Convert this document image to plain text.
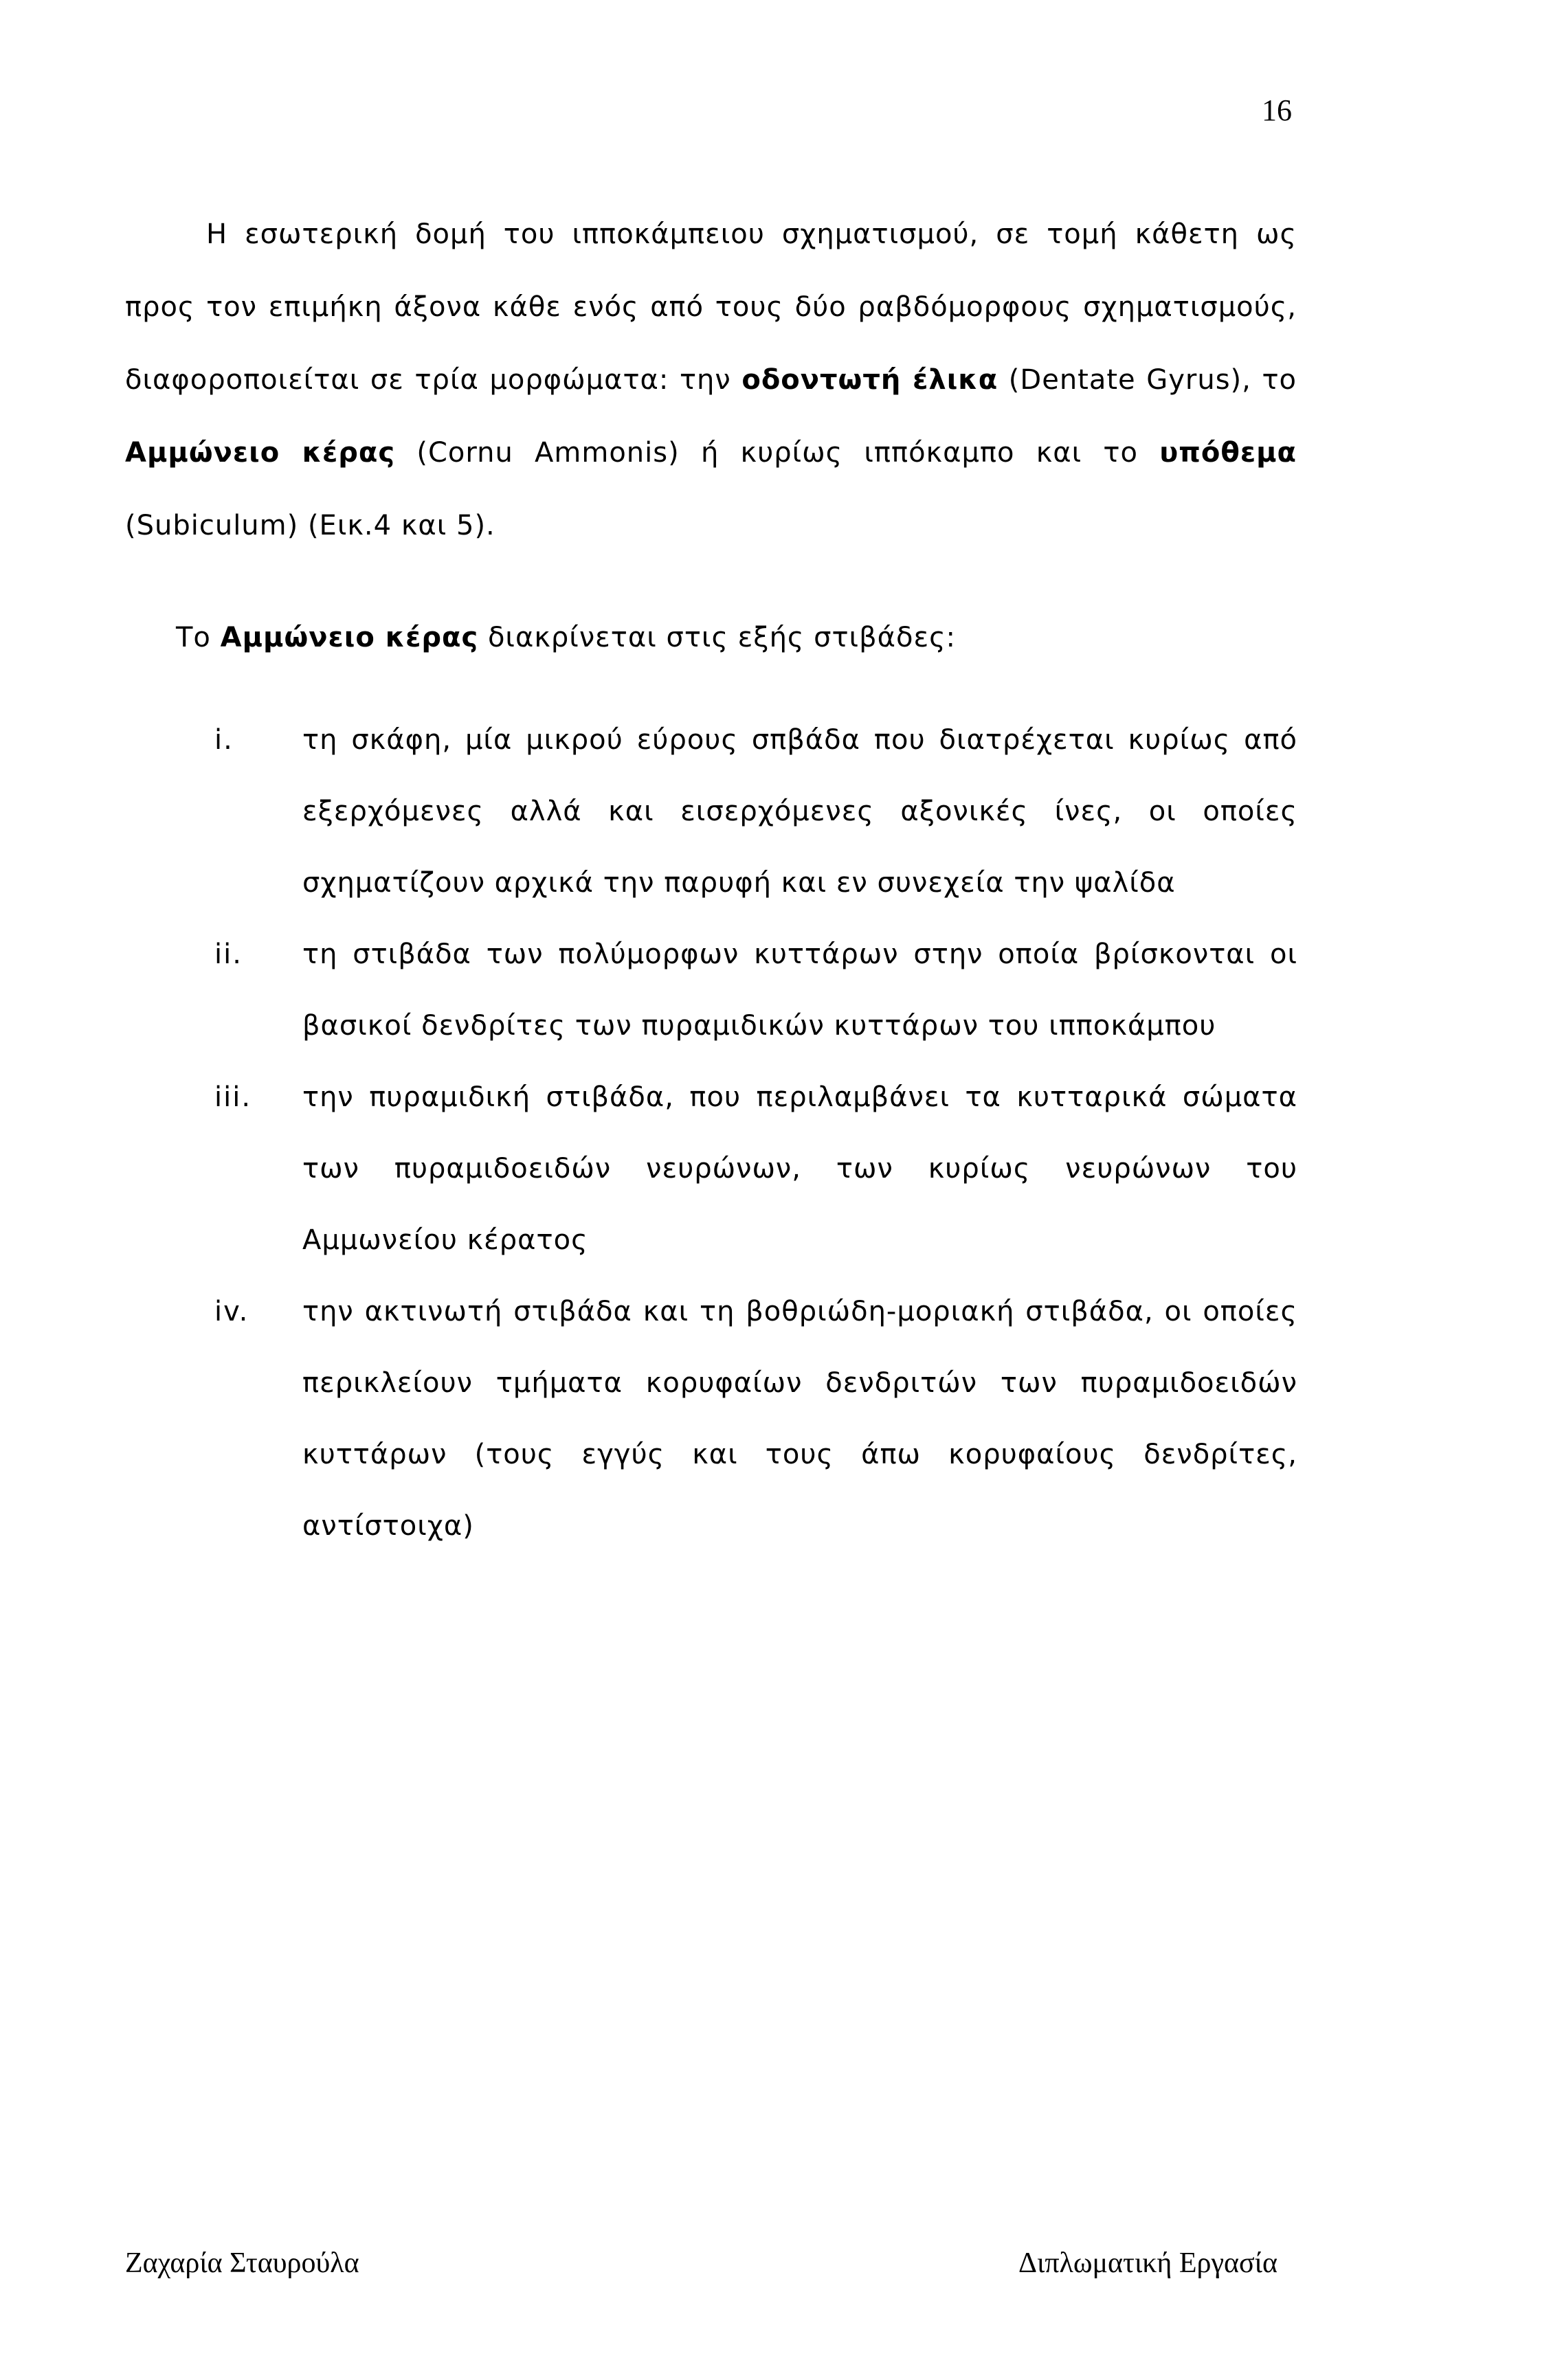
16

Η εσωτερική δομή του ιπποκάμπειου σχηματισμού, σε τομή κάθετη ως προς τον επιμήκη άξονα κάθε ενός από τους δύο ραβδόμορφους σχηματισμούς, διαφοροποιείται σε τρία μορφώματα: την οδοντωτή έλικα (Dentate Gyrus), το Αμμώνειο κέρας (Cornu Ammonis) ή κυρίως ιππόκαμπο και το υπόθεμα (Subiculum) (Εικ.4 και 5).

Το Αμμώνειο κέρας διακρίνεται στις εξής στιβάδες:
i.	τη σκάφη, μία μικρού εύρους σπβάδα που διατρέχεται κυρίως από εξερχόμενες αλλά και εισερχόμενες αξονικές ίνες, οι οποίες σχηματίζουν αρχικά την παρυφή και εν συνεχεία την ψαλίδα
ii. τη στιβάδα των πολύμορφων κυττάρων στην οποία βρίσκονται οι βασικοί δενδρίτες των πυραμιδικών κυττάρων του ιπποκάμπου
iii. την πυραμιδική στιβάδα, που περιλαμβάνει τα κυτταρικά σώματα των πυραμιδοειδών νευρώνων, των κυρίως νευρώνων του Αμμωνείου κέρατος
iv. την ακτινωτή στιβάδα και τη βοθριώδη-μοριακή στιβάδα, οι οποίες περικλείουν τμήματα κορυφαίων δενδριτών των πυραμιδοειδών κυττάρων (τους εγγύς και τους άπω κορυφαίους δενδρίτες, αντίστοιχα)
Ζαχαρία Σταυρούλα	Διπλωματική Εργασία
